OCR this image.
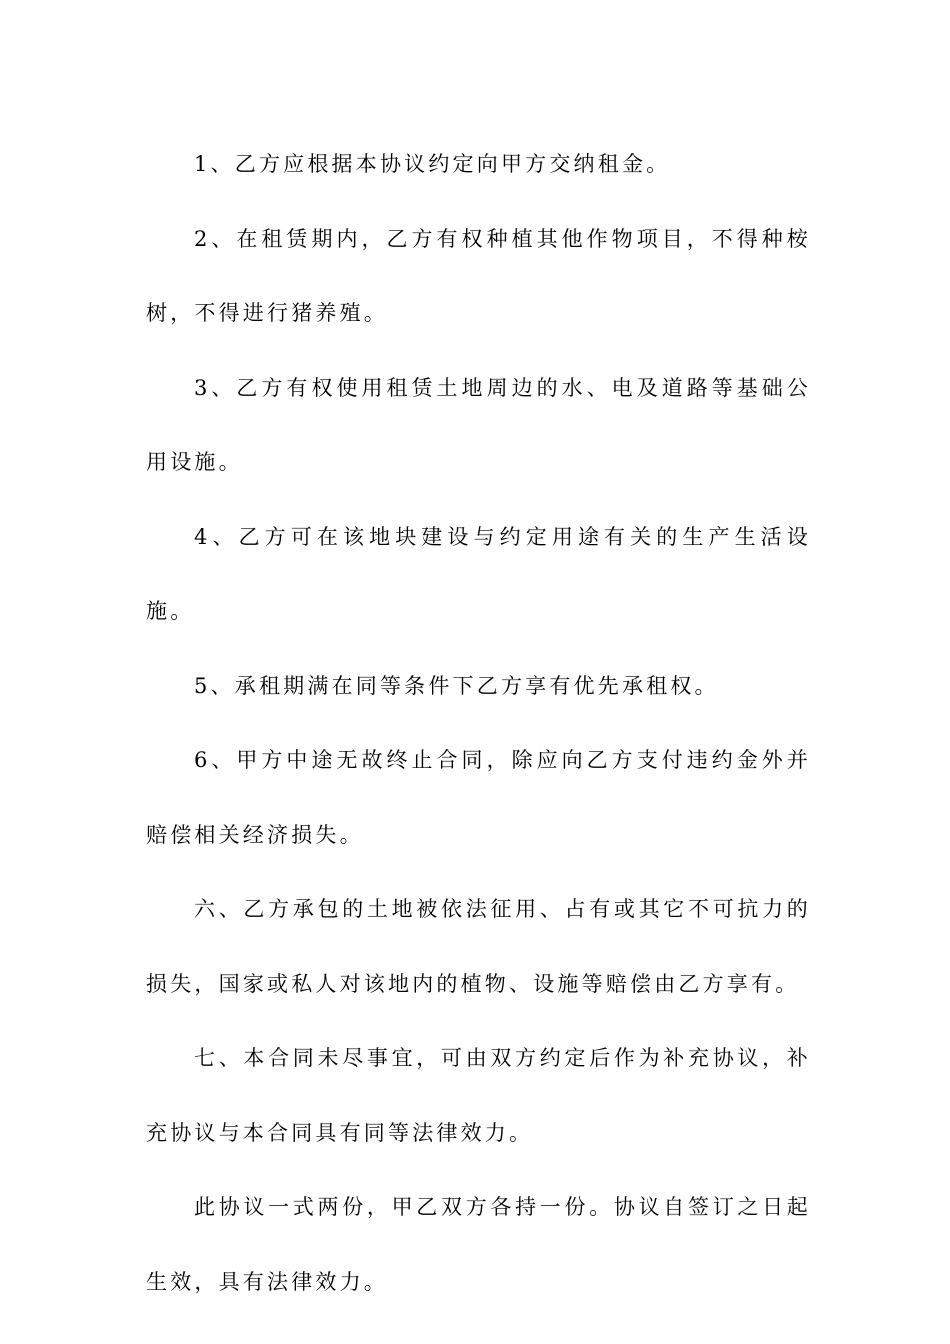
1、乙方应根据本协议约定向甲方交纳租金。

2、在租赁期内，乙方有权种植其他作物项目，不得种桉树，不得进行猪养殖。

3、乙方有权使用租赁土地周边的水、电及道路等基础公用设施。

4、乙方可在该地块建设与约定用途有关的生产生活设施。

5、承租期满在同等条件下乙方享有优先承租权。

6、甲方中途无故终止合同，除应向乙方支付违约金外并赔偿相关经济损失。

六、乙方承包的土地被依法征用、占有或其它不可抗力的损失，国家或私人对该地内的植物、设施等赔偿由乙方享有。

七、本合同未尽事宜，可由双方约定后作为补充协议，补充协议与本合同具有同等法律效力。

此协议一式两份，甲乙双方各持一份。协议自签订之日起生效，具有法律效力。
